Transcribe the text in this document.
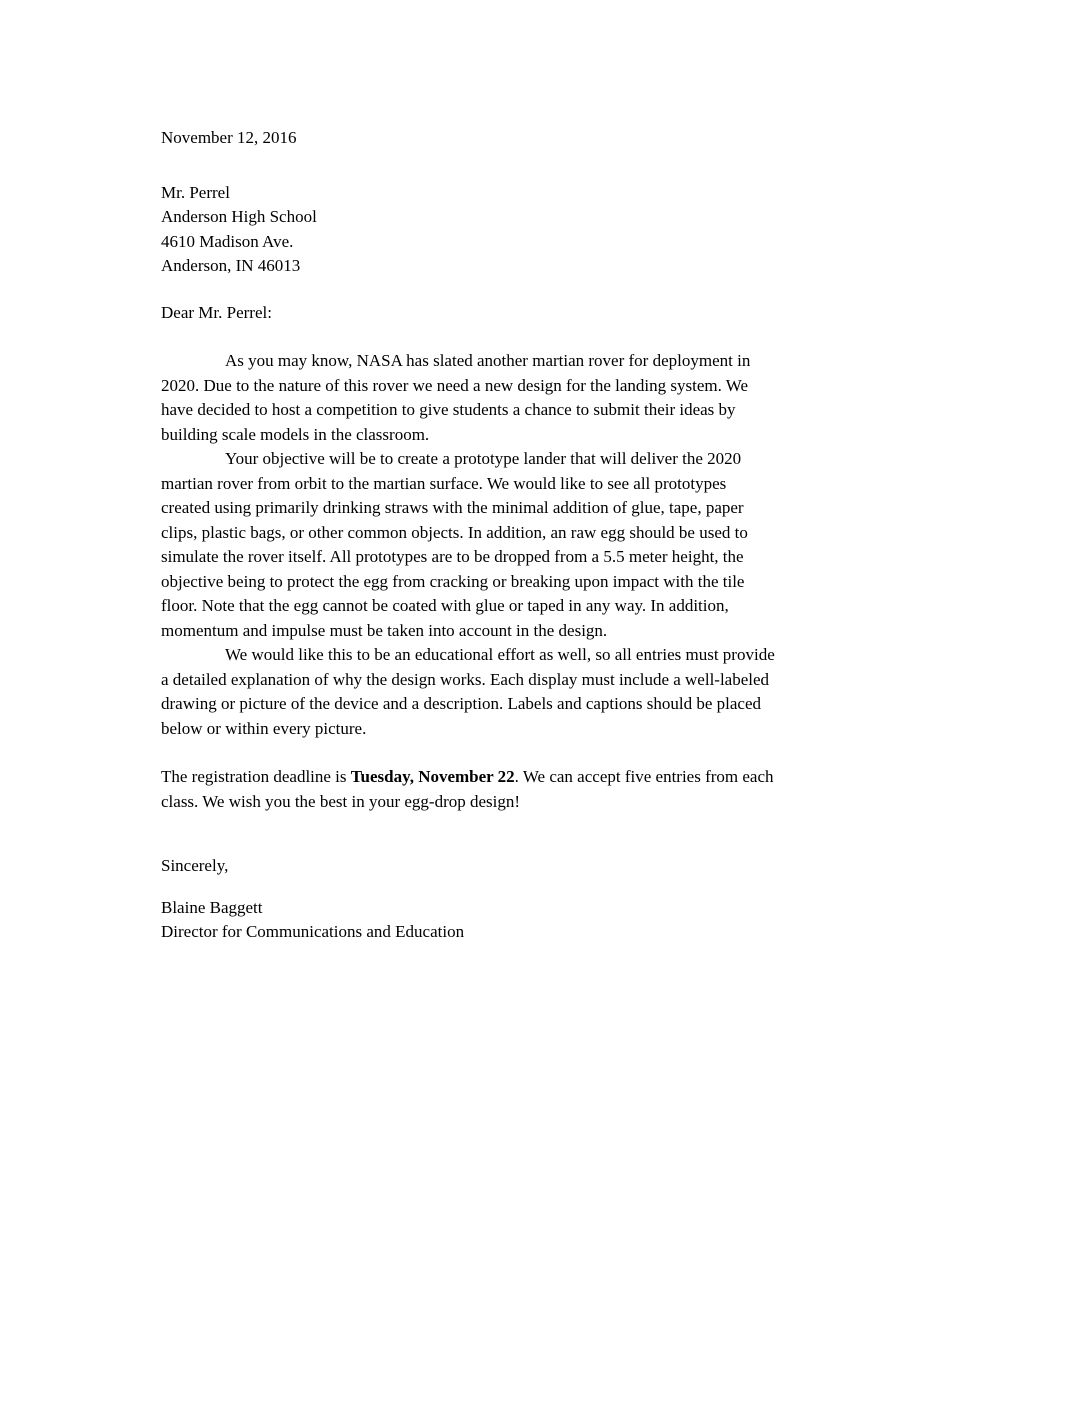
November 12, 2016

Mr. Perrel
Anderson High School
4610 Madison Ave.
Anderson, IN 46013

Dear Mr. Perrel:

As you may know, NASA has slated another martian rover for deployment in 2020. Due to the nature of this rover we need a new design for the landing system. We have decided to host a competition to give students a chance to submit their ideas by building scale models in the classroom.

Your objective will be to create a prototype lander that will deliver the 2020 martian rover from orbit to the martian surface. We would like to see all prototypes created using primarily drinking straws with the minimal addition of glue, tape, paper clips, plastic bags, or other common objects. In addition, an raw egg should be used to simulate the rover itself. All prototypes are to be dropped from a 5.5 meter height, the objective being to protect the egg from cracking or breaking upon impact with the tile floor. Note that the egg cannot be coated with glue or taped in any way. In addition, momentum and impulse must be taken into account in the design.

We would like this to be an educational effort as well, so all entries must provide a detailed explanation of why the design works. Each display must include a well-labeled drawing or picture of the device and a description. Labels and captions should be placed below or within every picture.

The registration deadline is Tuesday, November 22. We can accept five entries from each class. We wish you the best in your egg-drop design!

Sincerely,

Blaine Baggett
Director for Communications and Education
